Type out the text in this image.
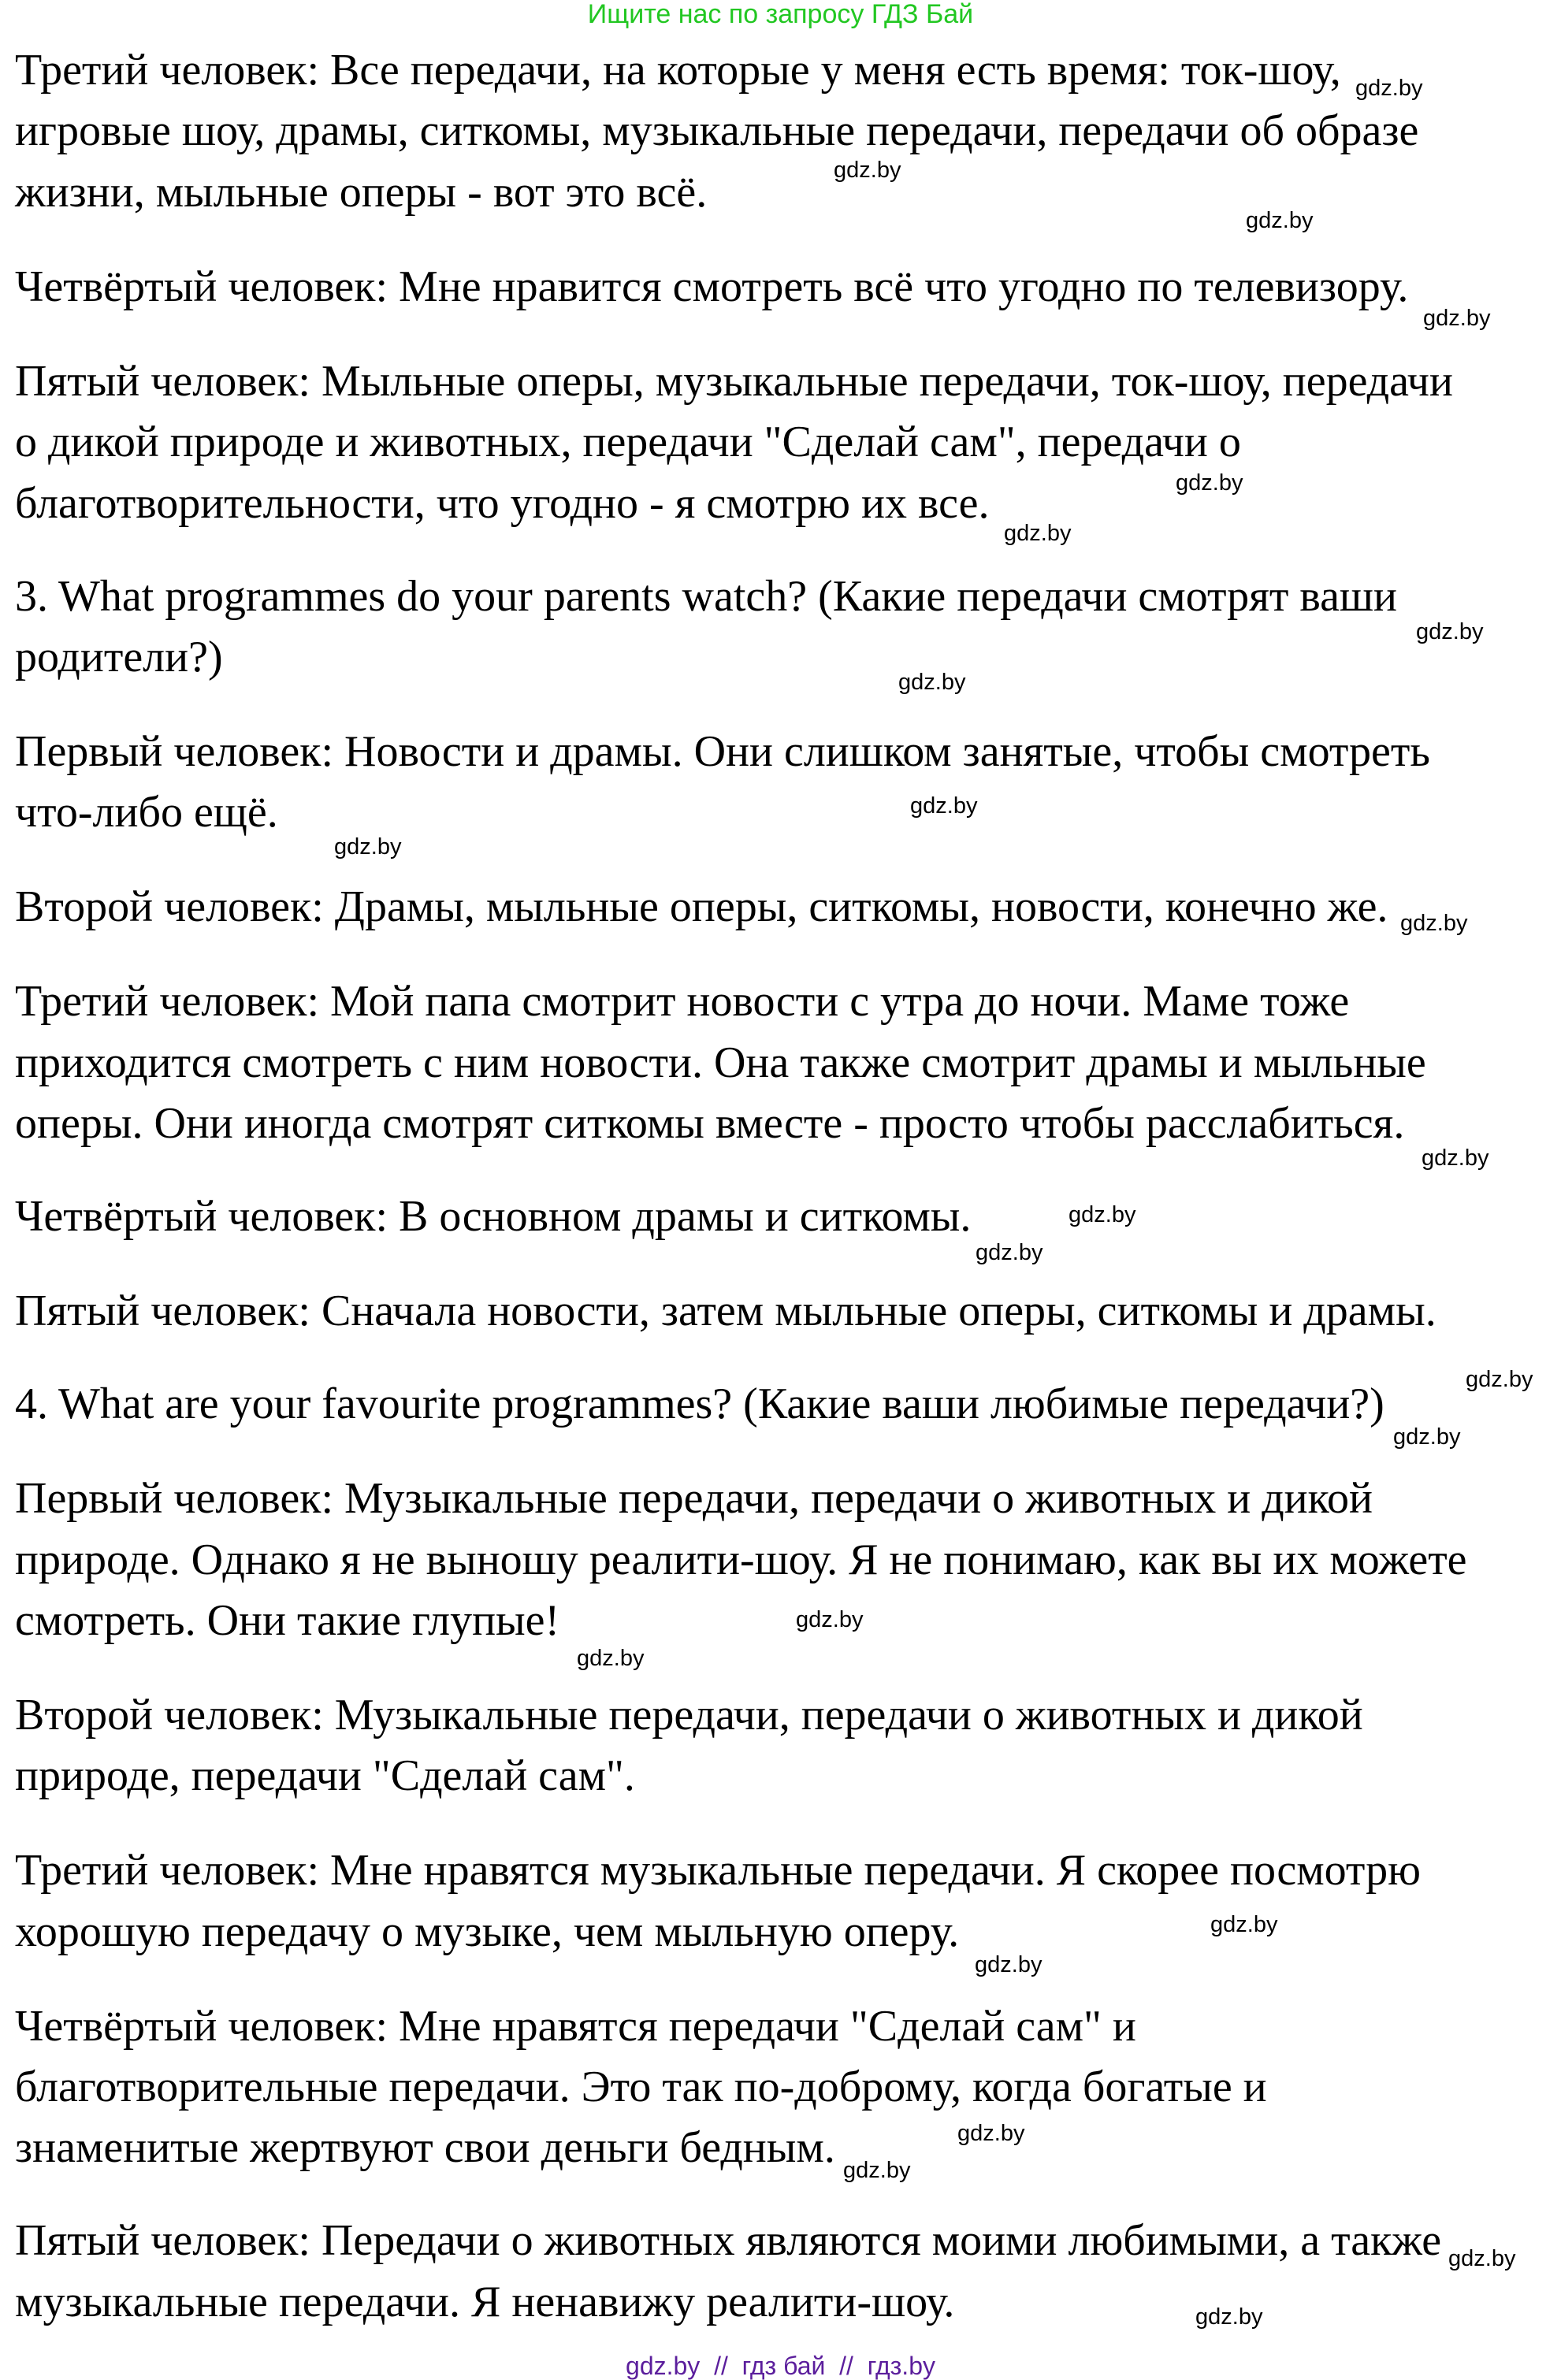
Ищите нас по запросу ГДЗ Бай
Третий человек: Все передачи, на которые у меня есть время: ток-шоу,
игровые шоу, драмы, ситкомы, музыкальные передачи, передачи об образе
жизни, мыльные оперы - вот это всё.
Четвёртый человек: Мне нравится смотреть всё что угодно по телевизору.
Пятый человек: Мыльные оперы, музыкальные передачи, ток-шоу, передачи
о дикой природе и животных, передачи "Сделай сам", передачи о
благотворительности, что угодно - я смотрю их все.
3. What programmes do your parents watch? (Какие передачи смотрят ваши
родители?)
Первый человек: Новости и драмы. Они слишком занятые, чтобы смотреть
что-либо ещё.
Второй человек: Драмы, мыльные оперы, ситкомы, новости, конечно же.
Третий человек: Мой папа смотрит новости с утра до ночи. Маме тоже
приходится смотреть с ним новости. Она также смотрит драмы и мыльные
оперы. Они иногда смотрят ситкомы вместе - просто чтобы расслабиться.
Четвёртый человек: В основном драмы и ситкомы.
Пятый человек: Сначала новости, затем мыльные оперы, ситкомы и драмы.
4. What are your favourite programmes? (Какие ваши любимые передачи?)
Первый человек: Музыкальные передачи, передачи о животных и дикой
природе. Однако я не выношу реалити-шоу. Я не понимаю, как вы их можете
смотреть. Они такие глупые!
Второй человек: Музыкальные передачи, передачи о животных и дикой
природе, передачи "Сделай сам".
Третий человек: Мне нравятся музыкальные передачи. Я скорее посмотрю
хорошую передачу о музыке, чем мыльную оперу.
Четвёртый человек: Мне нравятся передачи "Сделай сам" и
благотворительные передачи. Это так по-доброму, когда богатые и
знаменитые жертвуют свои деньги бедным.
Пятый человек: Передачи о животных являются моими любимыми, а также
музыкальные передачи. Я ненавижу реалити-шоу.
gdz.by
gdz.by
gdz.by
gdz.by
gdz.by
gdz.by
gdz.by
gdz.by
gdz.by
gdz.by
gdz.by
gdz.by
gdz.by
gdz.by
gdz.by
gdz.by
gdz.by
gdz.by
gdz.by
gdz.by
gdz.by
gdz.by
gdz.by
gdz.by
gdz.by  //  гдз бай  //  гдз.by
